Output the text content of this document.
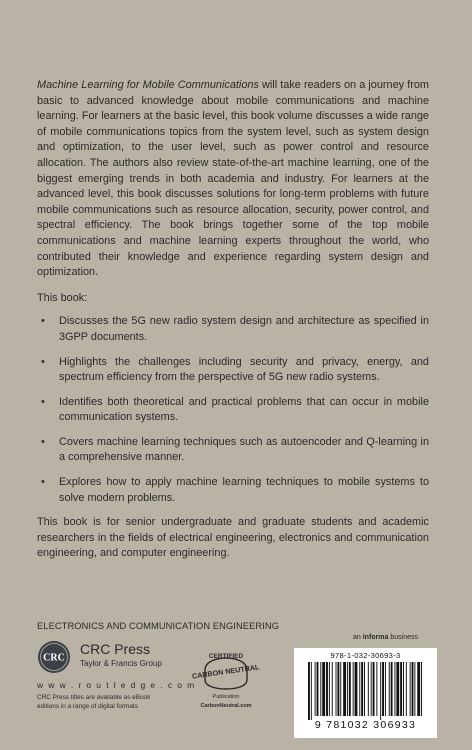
Machine Learning for Mobile Communications will take readers on a journey from basic to advanced knowledge about mobile communications and machine learning. For learners at the basic level, this book volume discusses a wide range of mobile communications topics from the system level, such as system design and optimization, to the user level, such as power control and resource allocation. The authors also review state-of-the-art machine learning, one of the biggest emerging trends in both academia and industry. For learners at the advanced level, this book discusses solutions for long-term problems with future mobile communications such as resource allocation, security, power control, and spectral efficiency. The book brings together some of the top mobile communications and machine learning experts throughout the world, who contributed their knowledge and experience regarding system design and optimization.

This book:

• Discusses the 5G new radio system design and architecture as specified in 3GPP documents.
• Highlights the challenges including security and privacy, energy, and spectrum efficiency from the perspective of 5G new radio systems.
• Identifies both theoretical and practical problems that can occur in mobile communication systems.
• Covers machine learning techniques such as autoencoder and Q-learning in a comprehensive manner.
• Explores how to apply machine learning techniques to mobile systems to solve modern problems.

This book is for senior undergraduate and graduate students and academic researchers in the fields of electrical engineering, electronics and communication engineering, and computer engineering.

ELECTRONICS AND COMMUNICATION ENGINEERING
CRC
CRC Press
Taylor & Francis Group
w w w . r o u t l e d g e . c o m
CRC Press titles are available as eBook editions in a range of digital formats
CERTIFIED
CARBON NEUTRAL
Publication
CarbonNeutral.com
an informa business
978-1-032-30693-3
9 781032 306933
